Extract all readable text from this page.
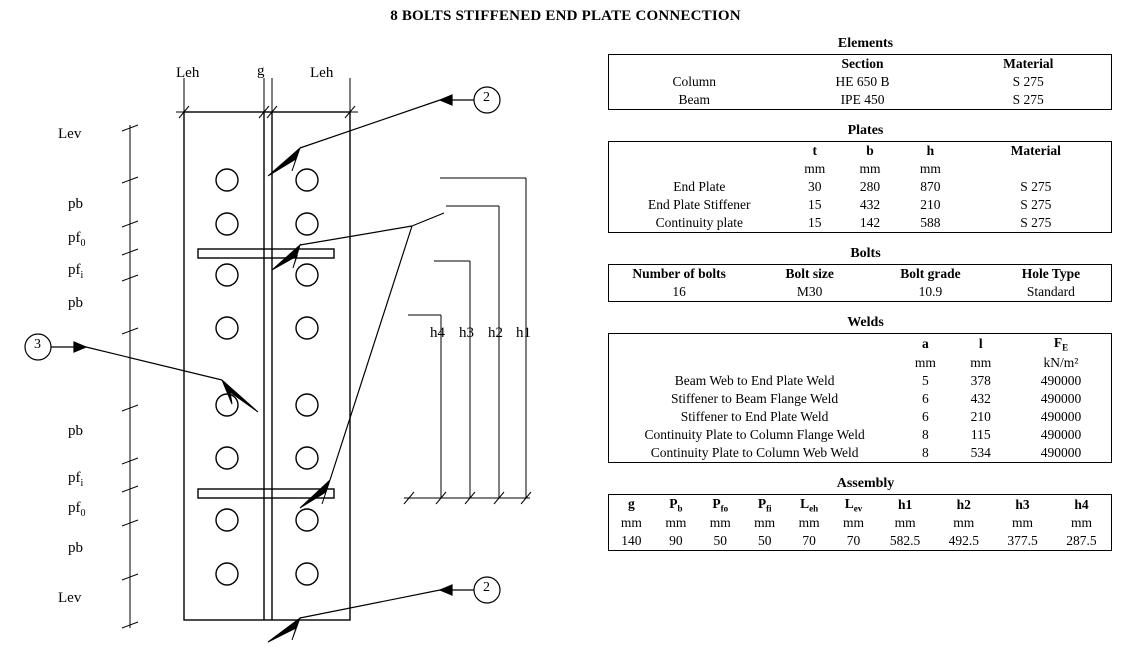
8 BOLTS STIFFENED END PLATE CONNECTION
Leh	g	Leh
Lev
pb
$pf_0$
$pf_i$
pb
pb
$pf_i$
$pf_0$
pb
Lev
h1
h2
h3
h4
2
2
3
Elements
	Section	Material
Column	HE 650 B	S 275
Beam	IPE 450	S 275
Plates
	t	b	h	Material
	mm	mm	mm	
End Plate	30	280	870	S 275
End Plate Stiffener	15	432	210	S 275
Continuity plate	15	142	588	S 275
Bolts
Number of bolts	Bolt size	Bolt grade	Hole Type
16	M30	10.9	Standard
Welds
	a	l	$F_E$
	mm	mm	kN/m²
Beam Web to End Plate Weld	5	378	490000
Stiffener to Beam Flange Weld	6	432	490000
Stiffener to End Plate Weld	6	210	490000
Continuity Plate to Column Flange Weld	8	115	490000
Continuity Plate to Column Web Weld	8	534	490000
Assembly
g	$P_b$	$P_{fo}$	$P_{fi}$	$L_{eh}$	$L_{ev}$	h1	h2	h3	h4
mm	mm	mm	mm	mm	mm	mm	mm	mm	mm
140	90	50	50	70	70	582.5	492.5	377.5	287.5
